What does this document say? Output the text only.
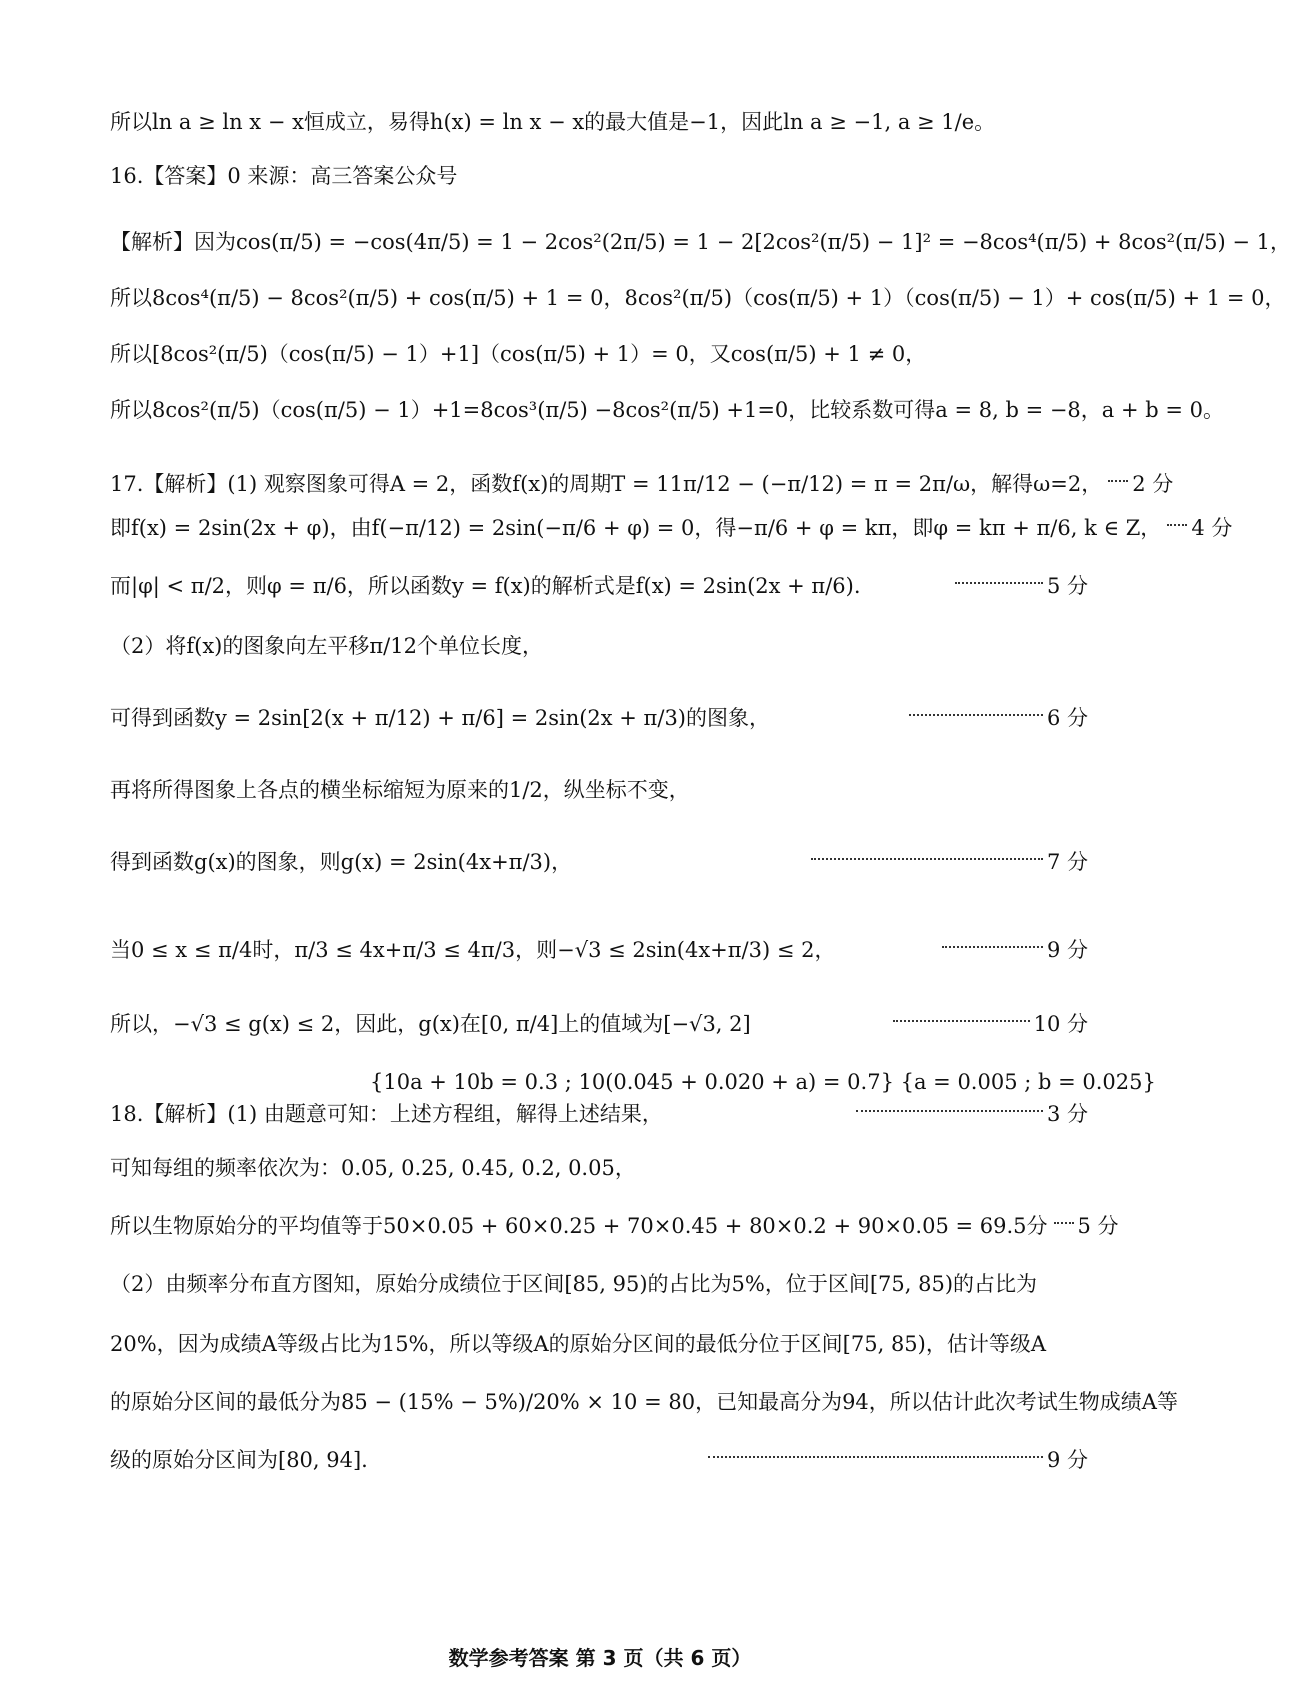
所以ln a ≥ ln x − x恒成立，易得h(x) = ln x − x的最大值是−1，因此ln a ≥ −1, a ≥ 1/e。
16.【答案】0 来源：高三答案公众号
【解析】因为cos(π/5) = −cos(4π/5) = 1 − 2cos²(2π/5) = 1 − 2[2cos²(π/5) − 1]² = −8cos⁴(π/5) + 8cos²(π/5) − 1，
所以8cos⁴(π/5) − 8cos²(π/5) + cos(π/5) + 1 = 0，8cos²(π/5)（cos(π/5) + 1）（cos(π/5) − 1）+ cos(π/5) + 1 = 0，
所以[8cos²(π/5)（cos(π/5) − 1）+1]（cos(π/5) + 1）= 0，又cos(π/5) + 1 ≠ 0，
所以8cos²(π/5)（cos(π/5) − 1）+1=8cos³(π/5) −8cos²(π/5) +1=0，比较系数可得a = 8, b = −8，a + b = 0。
17.【解析】(1) 观察图象可得A = 2，函数f(x)的周期T = 11π/12 − (−π/12) = π = 2π/ω，解得ω=2， 2 分
即f(x) = 2sin(2x + φ)，由f(−π/12) = 2sin(−π/6 + φ) = 0，得−π/6 + φ = kπ，即φ = kπ + π/6, k ∈ Z， 4 分
而|φ| < π/2，则φ = π/6，所以函数y = f(x)的解析式是f(x) = 2sin(2x + π/6).	5 分
（2）将f(x)的图象向左平移π/12个单位长度，
可得到函数y = 2sin[2(x + π/12) + π/6] = 2sin(2x + π/3)的图象，	6 分
再将所得图象上各点的横坐标缩短为原来的1/2，纵坐标不变，
得到函数g(x)的图象，则g(x) = 2sin(4x+π/3)，	7 分
当0 ≤ x ≤ π/4时，π/3 ≤ 4x+π/3 ≤ 4π/3，则−√3 ≤ 2sin(4x+π/3) ≤ 2，	9 分
所以，−√3 ≤ g(x) ≤ 2，因此，g(x)在[0, π/4]上的值域为[−√3, 2]	10 分
{10a + 10b = 0.3 ; 10(0.045 + 0.020 + a) = 0.7} {a = 0.005 ; b = 0.025}
18.【解析】(1) 由题意可知：上述方程组，解得上述结果，	3 分
可知每组的频率依次为：0.05, 0.25, 0.45, 0.2, 0.05，
所以生物原始分的平均值等于50×0.05 + 60×0.25 + 70×0.45 + 80×0.2 + 90×0.05 = 69.5分 5 分
（2）由频率分布直方图知，原始分成绩位于区间[85, 95)的占比为5%，位于区间[75, 85)的占比为
20%，因为成绩A等级占比为15%，所以等级A的原始分区间的最低分位于区间[75, 85)，估计等级A
的原始分区间的最低分为85 − (15% − 5%)/20% × 10 = 80，已知最高分为94，所以估计此次考试生物成绩A等
级的原始分区间为[80, 94].	9 分
数学参考答案 第 3 页（共 6 页）
